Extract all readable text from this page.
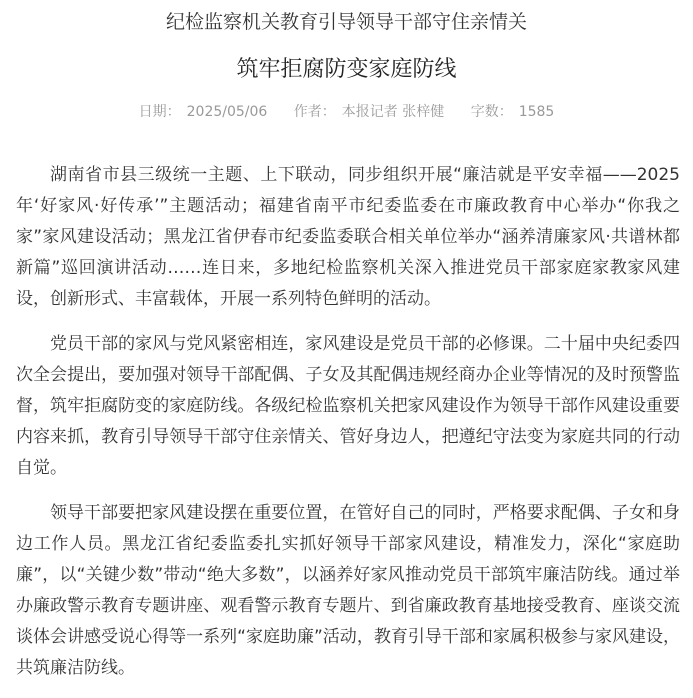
纪检监察机关教育引导领导干部守住亲情关
筑牢拒腐防变家庭防线
日期： 2025/05/06 作者： 本报记者 张梓健 字数： 1585

湖南省市县三级统一主题、上下联动，同步组织开展“廉洁就是平安幸福——2025年‘好家风·好传承’”主题活动；福建省南平市纪委监委在市廉政教育中心举办“你我之家”家风建设活动；黑龙江省伊春市纪委监委联合相关单位举办“涵养清廉家风·共谱林都新篇”巡回演讲活动……连日来，多地纪检监察机关深入推进党员干部家庭家教家风建设，创新形式、丰富载体，开展一系列特色鲜明的活动。

党员干部的家风与党风紧密相连，家风建设是党员干部的必修课。二十届中央纪委四次全会提出，要加强对领导干部配偶、子女及其配偶违规经商办企业等情况的及时预警监督，筑牢拒腐防变的家庭防线。各级纪检监察机关把家风建设作为领导干部作风建设重要内容来抓，教育引导领导干部守住亲情关、管好身边人，把遵纪守法变为家庭共同的行动自觉。

领导干部要把家风建设摆在重要位置，在管好自己的同时，严格要求配偶、子女和身边工作人员。黑龙江省纪委监委扎实抓好领导干部家风建设，精准发力，深化“家庭助廉”，以“关键少数”带动“绝大多数”，以涵养好家风推动党员干部筑牢廉洁防线。通过举办廉政警示教育专题讲座、观看警示教育专题片、到省廉政教育基地接受教育、座谈交流谈体会讲感受说心得等一系列“家庭助廉”活动，教育引导干部和家属积极参与家风建设，共筑廉洁防线。
